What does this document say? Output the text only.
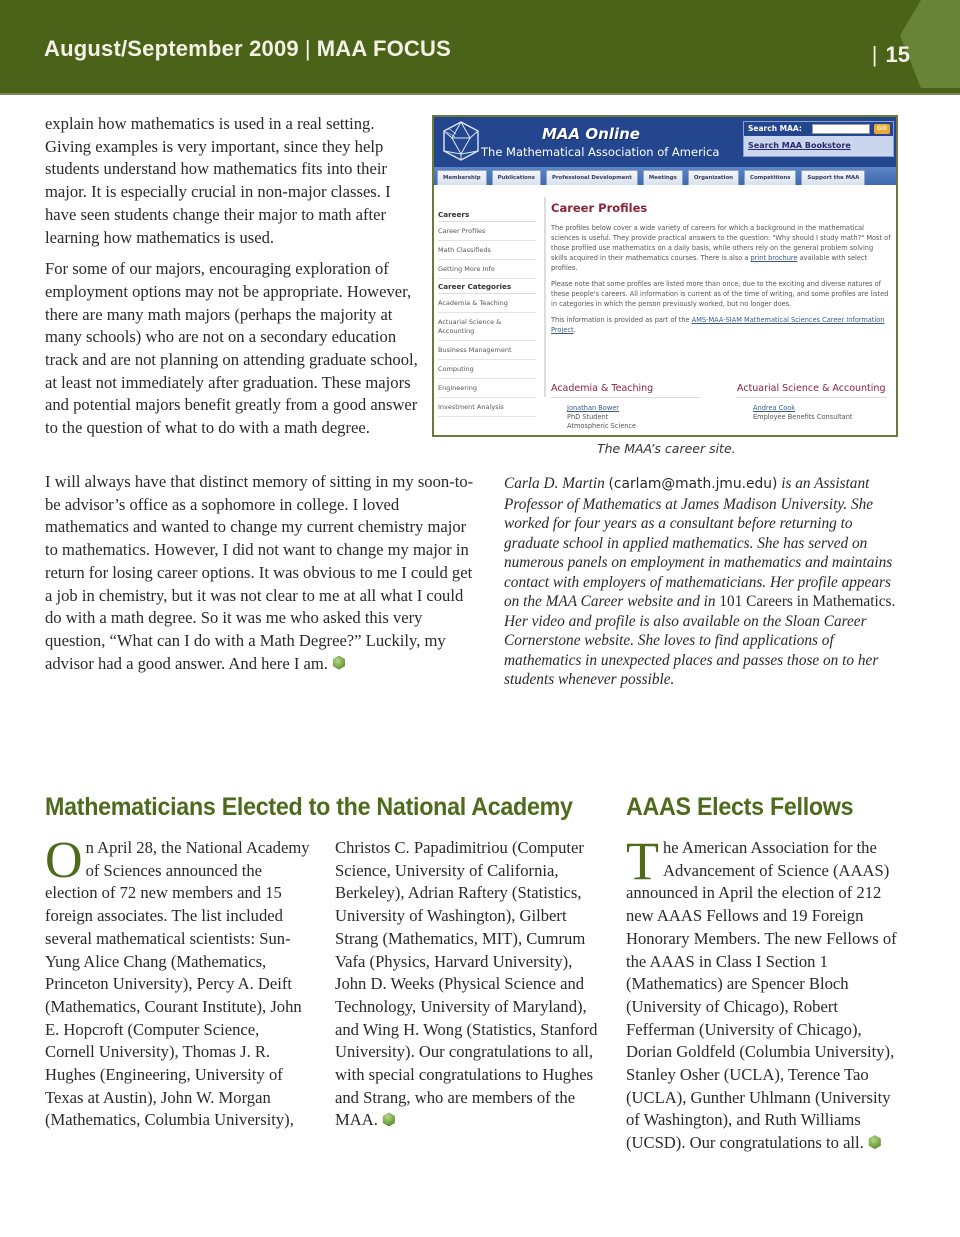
August/September 2009 | MAA FOCUS	| 15

explain how mathematics is used in a real setting. Giving examples is very important, since they help students understand how mathematics fits into their major. It is especially crucial in non-major classes. I have seen students change their major to math after learning how mathematics is used.

For some of our majors, encouraging exploration of employment options may not be appropriate. However, there are many math majors (perhaps the majority at many schools) who are not on a secondary education track and are not planning on attending graduate school, at least not immediately after graduation. These majors and potential majors benefit greatly from a good answer to the question of what to do with a math degree.

MAA Online
The Mathematical Association of America
Search MAA:	GO
Search MAA Bookstore
Membership	Publications	Professional Development	Meetings	Organization	Competitions	Support the MAA
Careers
Career Profiles
Math Classifieds
Getting More Info
Career Categories
Academia & Teaching
Actuarial Science & Accounting
Business Management
Computing
Engineering
Investment Analysis
Career Profiles

The profiles below cover a wide variety of careers for which a background in the mathematical sciences is useful. They provide practical answers to the question: "Why should I study math?" Most of those profiled use mathematics on a daily basis, while others rely on the general problem solving skills acquired in their mathematics courses. There is also a print brochure available with select profiles.

Please note that some profiles are listed more than once, due to the exciting and diverse natures of these people's careers. All information is current as of the time of writing, and some profiles are listed in categories in which the person previously worked, but no longer does.

This information is provided as part of the AMS-MAA-SIAM Mathematical Sciences Career Information Project.

Academia & Teaching
Jonathan Bower
PhD Student
Atmospheric Science
Actuarial Science & Accounting
Andrea Cook
Employee Benefits Consultant
The MAA’s career site.
I will always have that distinct memory of sitting in my soon-to-be advisor’s office as a sophomore in college. I loved mathematics and wanted to change my current chemistry major to mathematics. However, I did not want to change my major in return for losing career options. It was obvious to me I could get a job in chemistry, but it was not clear to me at all what I could do with a math degree. So it was me who asked this very question, “What can I do with a Math Degree?” Luckily, my advisor had a good answer. And here I am.
Carla D. Martin (carlam@math.jmu.edu) is an Assistant Professor of Mathematics at James Madison University. She worked for four years as a consultant before returning to graduate school in applied mathematics. She has served on numerous panels on employment in mathematics and maintains contact with employers of mathematicians. Her profile appears on the MAA Career website and in 101 Careers in Mathematics. Her video and profile is also available on the Sloan Career Cornerstone website. She loves to find applications of mathematics in unexpected places and passes those on to her students whenever possible.
Mathematicians Elected to the National Academy AAAS Elects Fellows
On April 28, the National Academy of Sciences announced the election of 72 new members and 15 foreign associates. The list included several mathematical scientists: Sun-Yung Alice Chang (Mathematics, Princeton University), Percy A. Deift (Mathematics, Courant Institute), John E. Hopcroft (Computer Science, Cornell University), Thomas J. R. Hughes (Engineering, University of Texas at Austin), John W. Morgan (Mathematics, Columbia University),
Christos C. Papadimitriou (Computer Science, University of California, Berkeley), Adrian Raftery (Statistics, University of Washington), Gilbert Strang (Mathematics, MIT), Cumrum Vafa (Physics, Harvard University), John D. Weeks (Physical Science and Technology, University of Maryland), and Wing H. Wong (Statistics, Stanford University). Our congratulations to all, with special congratulations to Hughes and Strang, who are members of the MAA.
The American Association for the Advancement of Science (AAAS) announced in April the election of 212 new AAAS Fellows and 19 Foreign Honorary Members. The new Fellows of the AAAS in Class I Section 1 (Mathematics) are Spencer Bloch (University of Chicago), Robert Fefferman (University of Chicago), Dorian Goldfeld (Columbia University), Stanley Osher (UCLA), Terence Tao (UCLA), Gunther Uhlmann (University of Washington), and Ruth Williams (UCSD). Our congratulations to all.
